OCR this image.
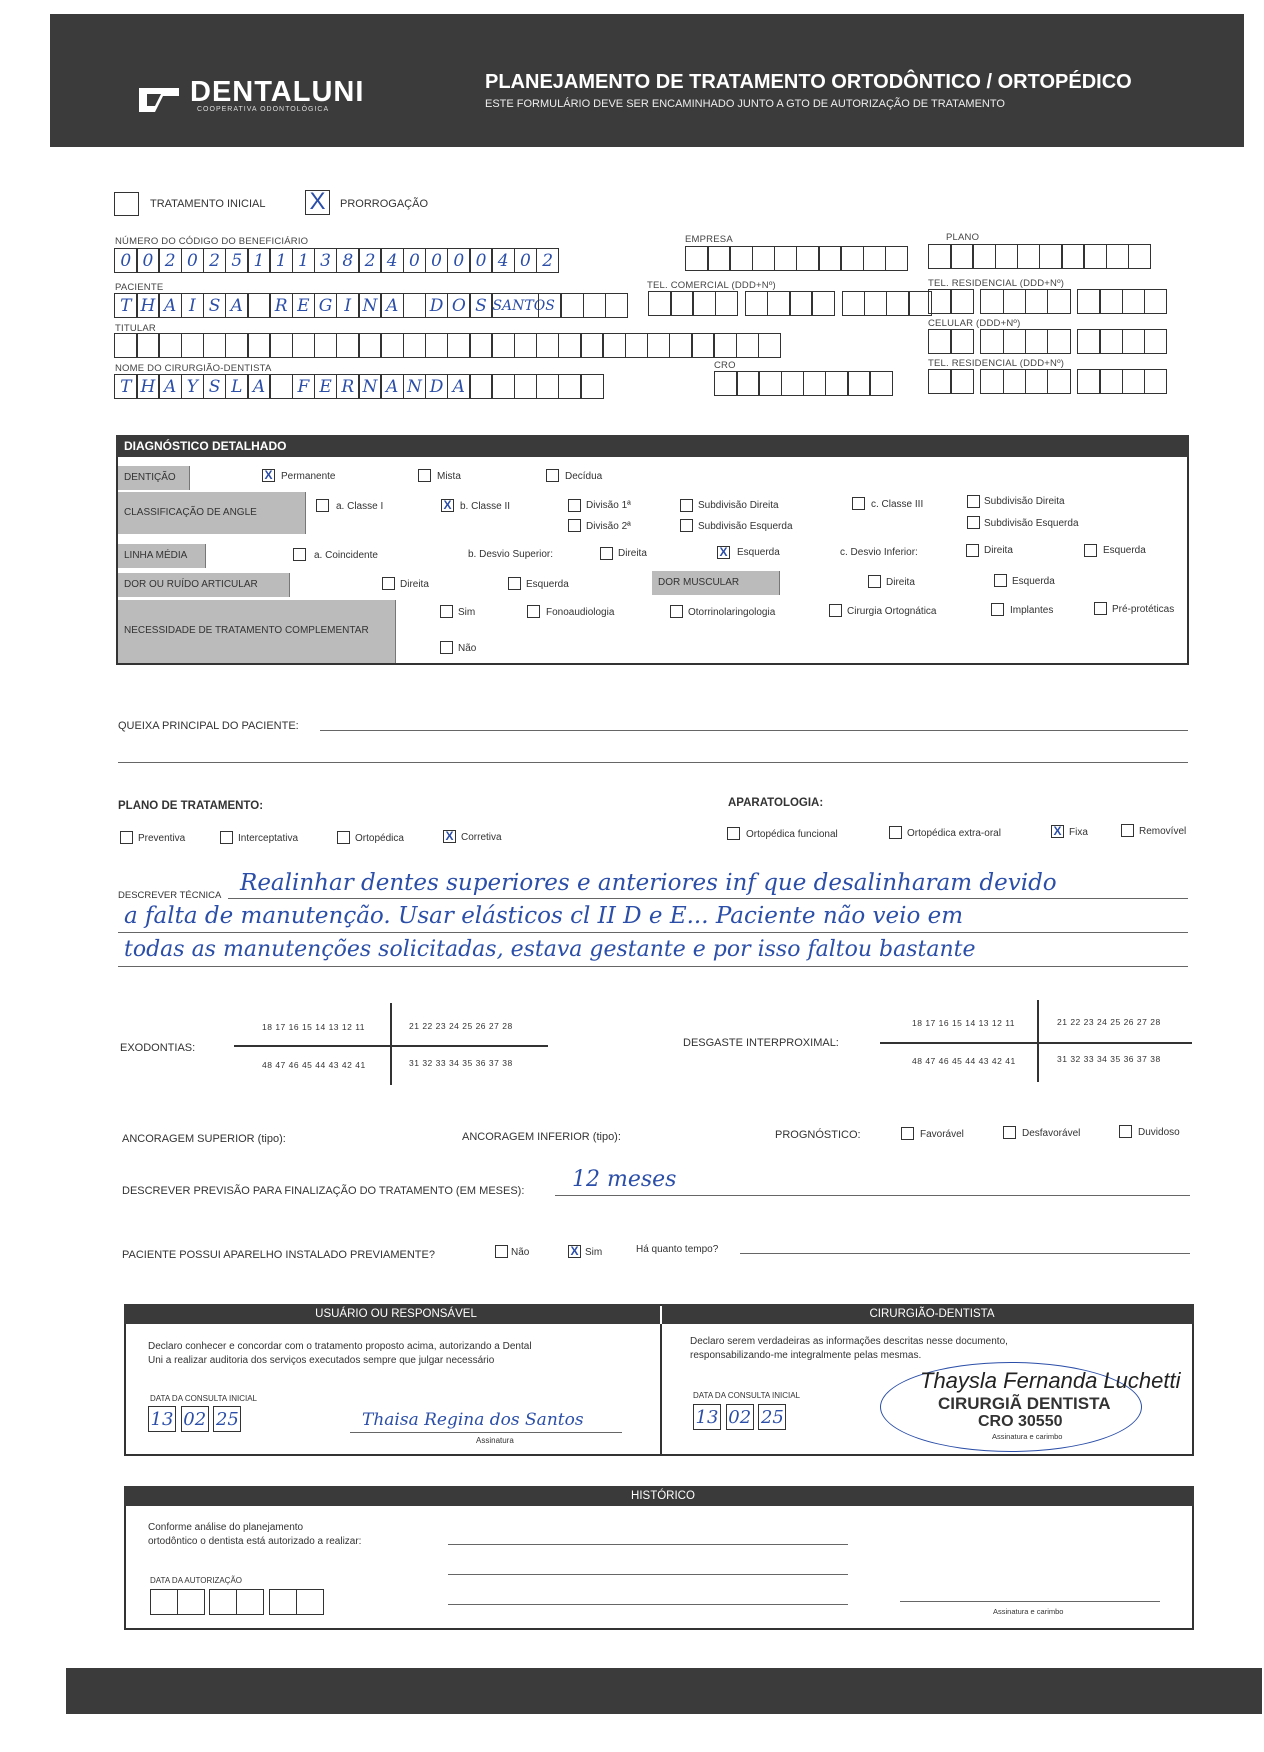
DENTALUNI
COOPERATIVA ODONTOLÓGICA
PLANEJAMENTO DE TRATAMENTO ORTODÔNTICO / ORTOPÉDICO
ESTE FORMULÁRIO DEVE SER ENCAMINHADO JUNTO A GTO DE AUTORIZAÇÃO DE TRATAMENTO
TRATAMENTO INICIAL X	PRORROGAÇÃO
NÚMERO DO CÓDIGO DO BENEFICIÁRIO
0 0 2 0 2 5 1 1 1 3 8 2 4 0 0 0 0 4 0 2
EMPRESA	PLANO
PACIENTE
T H A I S A	R E G I N A	D O S SANTOS
TEL. COMERCIAL (DDD+Nº)	TEL. RESIDENCIAL (DDD+Nº)
TITULAR	CELULAR (DDD+Nº)
NOME DO CIRURGIÃO-DENTISTA
T H A Y S L A	F E R N A N D A
CRO	TEL. RESIDENCIAL (DDD+Nº)
DIAGNÓSTICO DETALHADO
DENTIÇÃO	X Permanente	Mista	Decídua
CLASSIFICAÇÃO DE ANGLE
a. Classe I	X b. Classe II	Divisão 1ª
Divisão 2ª
Subdivisão Direita
Subdivisão Esquerda
c. Classe III	Subdivisão Direita
Subdivisão Esquerda
LINHA MÉDIA	a. Coincidente	b. Desvio Superior:	Direita	X Esquerda	c. Desvio Inferior:	Direita	Esquerda
DOR OU RUÍDO ARTICULAR	Direita	Esquerda	DOR MUSCULAR	Direita	Esquerda
NECESSIDADE DE TRATAMENTO COMPLEMENTAR
Sim
Não
Fonoaudiologia	Otorrinolaringologia	Cirurgia Ortognática	Implantes	Pré-protéticas
QUEIXA PRINCIPAL DO PACIENTE:
PLANO DE TRATAMENTO:
Preventiva	Interceptativa	Ortopédica	X Corretiva
APARATOLOGIA:
Ortopédica funcional	Ortopédica extra-oral	X Fixa	Removível
DESCREVER TÉCNICA Realinhar dentes superiores e anteriores inf que desalinharam devido
a falta de manutenção. Usar elásticos cl II D e E... Paciente não veio em
todas as manutenções solicitadas, estava gestante e por isso faltou bastante
EXODONTIAS:
18 17 16 15 14 13 12 11	21 22 23 24 25 26 27 28
48 47 46 45 44 43 42 41	31 32 33 34 35 36 37 38
DESGASTE INTERPROXIMAL:
18 17 16 15 14 13 12 11	21 22 23 24 25 26 27 28
48 47 46 45 44 43 42 41	31 32 33 34 35 36 37 38
ANCORAGEM SUPERIOR (tipo):	ANCORAGEM INFERIOR (tipo):	PROGNÓSTICO:	Favorável	Desfavorável	Duvidoso
DESCREVER PREVISÃO PARA FINALIZAÇÃO DO TRATAMENTO (EM MESES): 12 meses
PACIENTE POSSUI APARELHO INSTALADO PREVIAMENTE?	Não	X Sim	Há quanto tempo?
USUÁRIO OU RESPONSÁVEL	CIRURGIÃO-DENTISTA
Declaro conhecer e concordar com o tratamento proposto acima, autorizando a Dental
Uni a realizar auditoria dos serviços executados sempre que julgar necessário
DATA DA CONSULTA INICIAL
13 02 25	Thaisa Regina dos Santos
Assinatura
Declaro serem verdadeiras as informações descritas nesse documento,
responsabilizando-me integralmente pelas mesmas.
DATA DA CONSULTA INICIAL
13 02 25
Thaysla Fernanda Luchetti
CIRURGIÃ DENTISTA
CRO 30550
Assinatura e carimbo
HISTÓRICO
Conforme análise do planejamento
ortodôntico o dentista está autorizado a realizar:
DATA DA AUTORIZAÇÃO
Assinatura e carimbo
